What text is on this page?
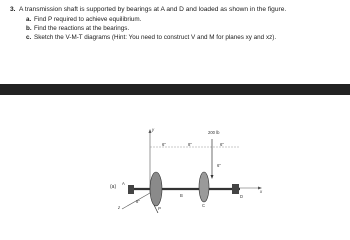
3. A transmission shaft is supported by bearings at A and D and loaded as shown in the figure.
a. Find P required to achieve equilibrium.
b. Find the reactions at the bearings.
c. Sketch the V-M-T diagrams (Hint: You need to construct V and M for planes xy and xz).
(a)
200 lb
y
x
z
A
B
C
D
P
6"	8"	6"
8"
6"
